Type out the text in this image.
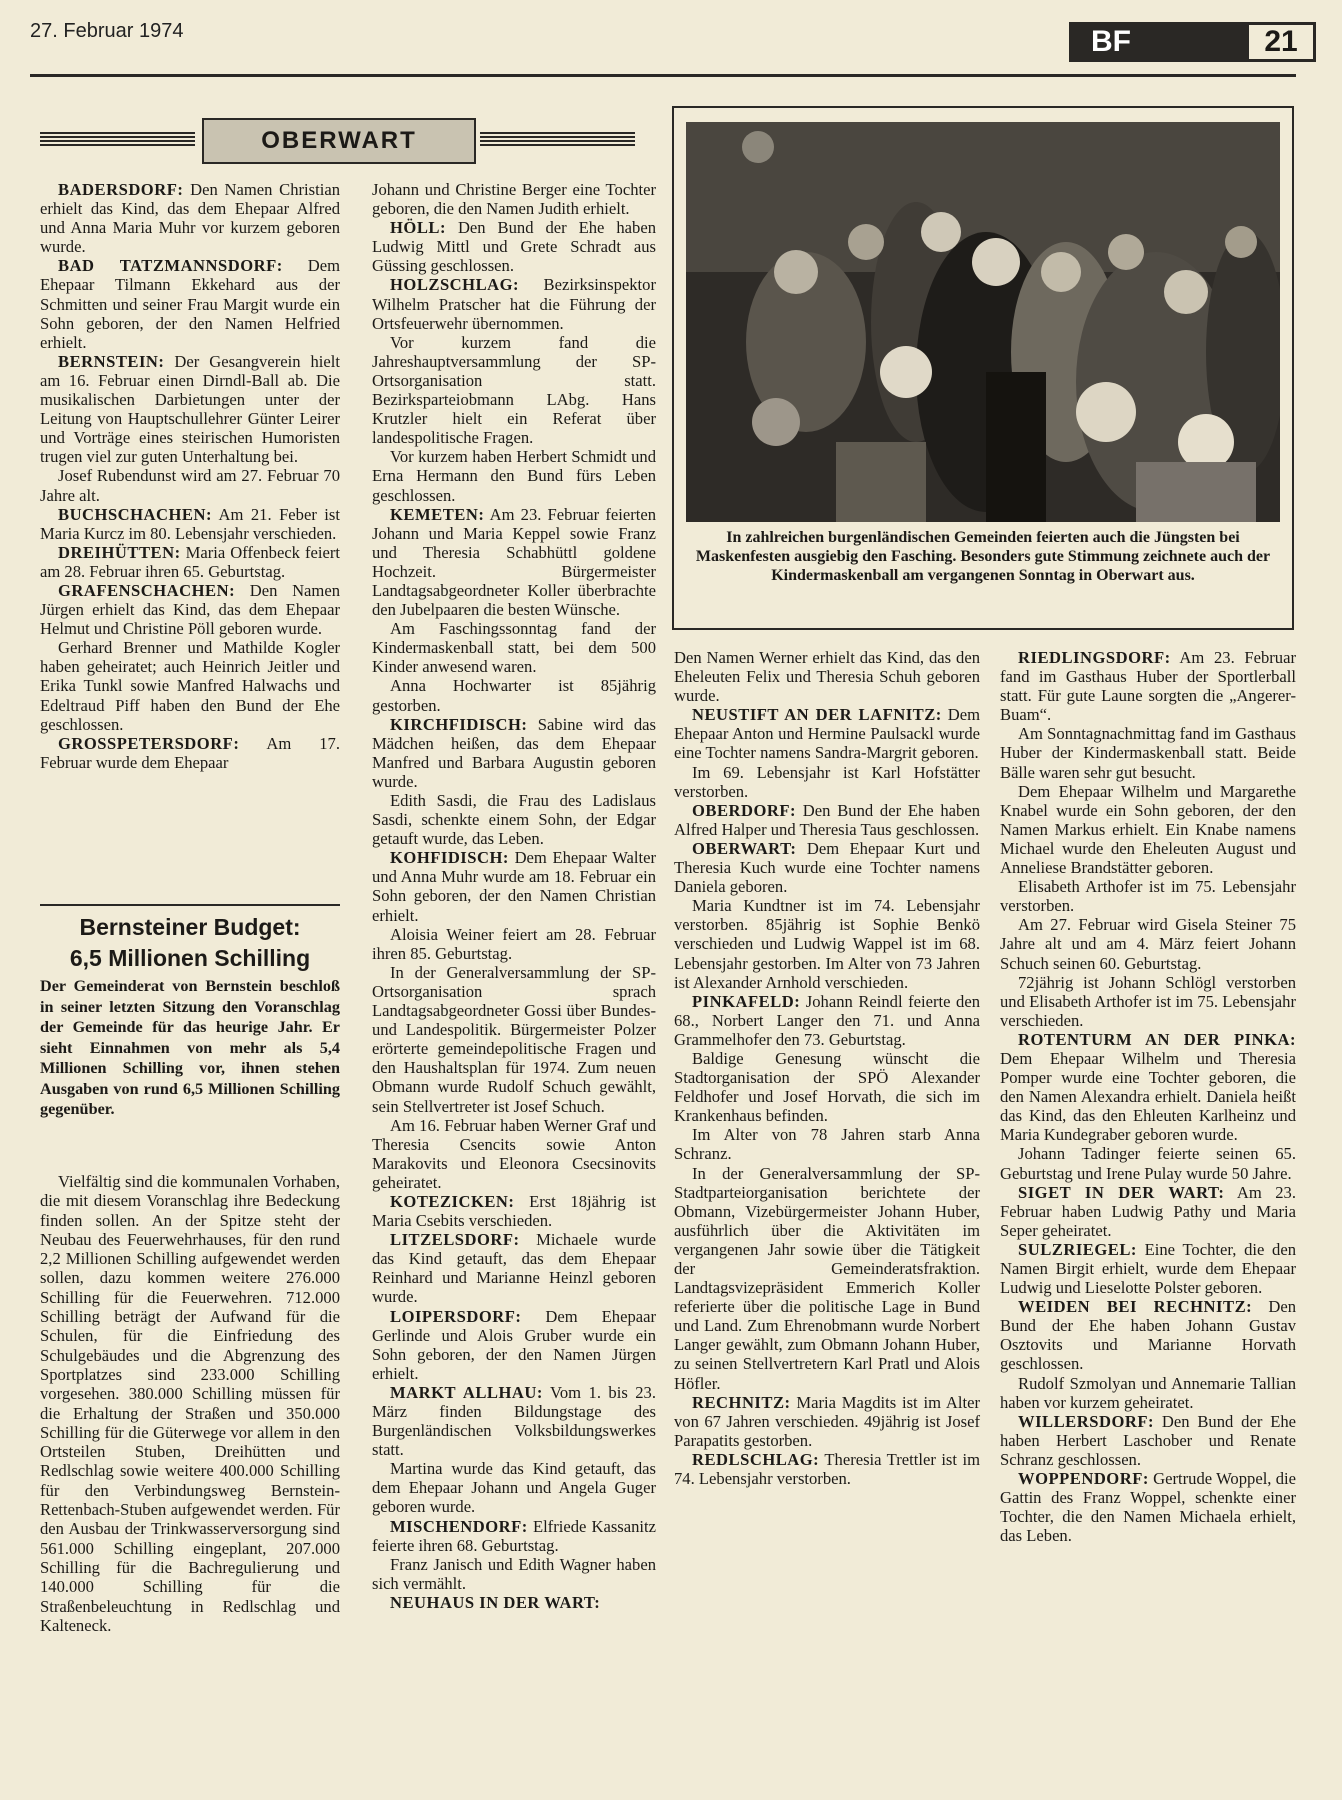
27. Februar 1974	BF	21
OBERWART

BADERSDORF: Den Namen Christian erhielt das Kind, das dem Ehepaar Alfred und Anna Maria Muhr vor kurzem geboren wurde.

BAD TATZMANNSDORF: Dem Ehepaar Tilmann Ekkehard aus der Schmitten und seiner Frau Margit wurde ein Sohn geboren, der den Namen Helfried erhielt.

BERNSTEIN: Der Gesangverein hielt am 16. Februar einen Dirndl-Ball ab. Die musikalischen Darbietungen unter der Leitung von Hauptschullehrer Günter Leirer und Vorträge eines steirischen Humoristen trugen viel zur guten Unterhaltung bei.

Josef Rubendunst wird am 27. Februar 70 Jahre alt.

BUCHSCHACHEN: Am 21. Feber ist Maria Kurcz im 80. Lebensjahr verschieden.

DREIHÜTTEN: Maria Offenbeck feiert am 28. Februar ihren 65. Geburtstag.

GRAFENSCHACHEN: Den Namen Jürgen erhielt das Kind, das dem Ehepaar Helmut und Christine Pöll geboren wurde.

Gerhard Brenner und Mathilde Kogler haben geheiratet; auch Heinrich Jeitler und Erika Tunkl sowie Manfred Halwachs und Edeltraud Piff haben den Bund der Ehe geschlossen.

GROSSPETERSDORF: Am 17. Februar wurde dem Ehepaar

Johann und Christine Berger eine Tochter geboren, die den Namen Judith erhielt.

HÖLL: Den Bund der Ehe haben Ludwig Mittl und Grete Schradt aus Güssing geschlossen.

HOLZSCHLAG: Bezirksinspektor Wilhelm Pratscher hat die Führung der Ortsfeuerwehr übernommen.

Vor kurzem fand die Jahreshauptversammlung der SP-Ortsorganisation statt. Bezirksparteiobmann LAbg. Hans Krutzler hielt ein Referat über landespolitische Fragen.

Vor kurzem haben Herbert Schmidt und Erna Hermann den Bund fürs Leben geschlossen.

KEMETEN: Am 23. Februar feierten Johann und Maria Keppel sowie Franz und Theresia Schabhüttl goldene Hochzeit. Bürgermeister Landtagsabgeordneter Koller überbrachte den Jubelpaaren die besten Wünsche.

Am Faschingssonntag fand der Kindermaskenball statt, bei dem 500 Kinder anwesend waren.

Anna Hochwarter ist 85jährig gestorben.

KIRCHFIDISCH: Sabine wird das Mädchen heißen, das dem Ehepaar Manfred und Barbara Augustin geboren wurde.

Edith Sasdi, die Frau des Ladislaus Sasdi, schenkte einem Sohn, der Edgar getauft wurde, das Leben.

KOHFIDISCH: Dem Ehepaar Walter und Anna Muhr wurde am 18. Februar ein Sohn geboren, der den Namen Christian erhielt.

Aloisia Weiner feiert am 28. Februar ihren 85. Geburtstag.

In der Generalversammlung der SP-Ortsorganisation sprach Landtagsabgeordneter Gossi über Bundes- und Landespolitik. Bürgermeister Polzer erörterte gemeindepolitische Fragen und den Haushaltsplan für 1974. Zum neuen Obmann wurde Rudolf Schuch gewählt, sein Stellvertreter ist Josef Schuch.

Am 16. Februar haben Werner Graf und Theresia Csencits sowie Anton Marakovits und Eleonora Csecsinovits geheiratet.

KOTEZICKEN: Erst 18jährig ist Maria Csebits verschieden.

LITZELSDORF: Michaele wurde das Kind getauft, das dem Ehepaar Reinhard und Marianne Heinzl geboren wurde.

LOIPERSDORF: Dem Ehepaar Gerlinde und Alois Gruber wurde ein Sohn geboren, der den Namen Jürgen erhielt.

MARKT ALLHAU: Vom 1. bis 23. März finden Bildungstage des Burgenländischen Volksbildungswerkes statt.

Martina wurde das Kind getauft, das dem Ehepaar Johann und Angela Guger geboren wurde.

MISCHENDORF: Elfriede Kassanitz feierte ihren 68. Geburtstag.

Franz Janisch und Edith Wagner haben sich vermählt.

NEUHAUS IN DER WART:

Den Namen Werner erhielt das Kind, das den Eheleuten Felix und Theresia Schuh geboren wurde.

NEUSTIFT AN DER LAFNITZ: Dem Ehepaar Anton und Hermine Paulsackl wurde eine Tochter namens Sandra-Margrit geboren.

Im 69. Lebensjahr ist Karl Hofstätter verstorben.

OBERDORF: Den Bund der Ehe haben Alfred Halper und Theresia Taus geschlossen.

OBERWART: Dem Ehepaar Kurt und Theresia Kuch wurde eine Tochter namens Daniela geboren.

Maria Kundtner ist im 74. Lebensjahr verstorben. 85jährig ist Sophie Benkö verschieden und Ludwig Wappel ist im 68. Lebensjahr gestorben. Im Alter von 73 Jahren ist Alexander Arnhold verschieden.

PINKAFELD: Johann Reindl feierte den 68., Norbert Langer den 71. und Anna Grammelhofer den 73. Geburtstag.

Baldige Genesung wünscht die Stadtorganisation der SPÖ Alexander Feldhofer und Josef Horvath, die sich im Krankenhaus befinden.

Im Alter von 78 Jahren starb Anna Schranz.

In der Generalversammlung der SP-Stadtparteiorganisation berichtete der Obmann, Vizebürgermeister Johann Huber, ausführlich über die Aktivitäten im vergangenen Jahr sowie über die Tätigkeit der Gemeinderatsfraktion. Landtagsvizepräsident Emmerich Koller referierte über die politische Lage in Bund und Land. Zum Ehrenobmann wurde Norbert Langer gewählt, zum Obmann Johann Huber, zu seinen Stellvertretern Karl Pratl und Alois Höfler.

RECHNITZ: Maria Magdits ist im Alter von 67 Jahren verschieden. 49jährig ist Josef Parapatits gestorben.

REDLSCHLAG: Theresia Trettler ist im 74. Lebensjahr verstorben.

RIEDLINGSDORF: Am 23. Februar fand im Gasthaus Huber der Sportlerball statt. Für gute Laune sorgten die „Angerer-Buam“.

Am Sonntagnachmittag fand im Gasthaus Huber der Kindermaskenball statt. Beide Bälle waren sehr gut besucht.

Dem Ehepaar Wilhelm und Margarethe Knabel wurde ein Sohn geboren, der den Namen Markus erhielt. Ein Knabe namens Michael wurde den Eheleuten August und Anneliese Brandstätter geboren.

Elisabeth Arthofer ist im 75. Lebensjahr verstorben.

Am 27. Februar wird Gisela Steiner 75 Jahre alt und am 4. März feiert Johann Schuch seinen 60. Geburtstag.

72jährig ist Johann Schlögl verstorben und Elisabeth Arthofer ist im 75. Lebensjahr verschieden.

ROTENTURM AN DER PINKA: Dem Ehepaar Wilhelm und Theresia Pomper wurde eine Tochter geboren, die den Namen Alexandra erhielt. Daniela heißt das Kind, das den Ehleuten Karlheinz und Maria Kundegraber geboren wurde.

Johann Tadinger feierte seinen 65. Geburtstag und Irene Pulay wurde 50 Jahre.

SIGET IN DER WART: Am 23. Februar haben Ludwig Pathy und Maria Seper geheiratet.

SULZRIEGEL: Eine Tochter, die den Namen Birgit erhielt, wurde dem Ehepaar Ludwig und Lieselotte Polster geboren.

WEIDEN BEI RECHNITZ: Den Bund der Ehe haben Johann Gustav Osztovits und Marianne Horvath geschlossen.

Rudolf Szmolyan und Annemarie Tallian haben vor kurzem geheiratet.

WILLERSDORF: Den Bund der Ehe haben Herbert Laschober und Renate Schranz geschlossen.

WOPPENDORF: Gertrude Woppel, die Gattin des Franz Woppel, schenkte einer Tochter, die den Namen Michaela erhielt, das Leben.

In zahlreichen burgenländischen Gemeinden feierten auch die Jüngsten bei Maskenfesten ausgiebig den Fasching. Besonders gute Stimmung zeichnete auch der Kindermaskenball am vergangenen Sonntag in Oberwart aus.
Bernsteiner Budget:
6,5 Millionen Schilling
Der Gemeinderat von Bernstein beschloß in seiner letzten Sitzung den Voranschlag der Gemeinde für das heurige Jahr. Er sieht Einnahmen von mehr als 5,4 Millionen Schilling vor, ihnen stehen Ausgaben von rund 6,5 Millionen Schilling gegenüber.

Vielfältig sind die kommunalen Vorhaben, die mit diesem Voranschlag ihre Bedeckung finden sollen. An der Spitze steht der Neubau des Feuerwehrhauses, für den rund 2,2 Millionen Schilling aufgewendet werden sollen, dazu kommen weitere 276.000 Schilling für die Feuerwehren. 712.000 Schilling beträgt der Aufwand für die Schulen, für die Einfriedung des Schulgebäudes und die Abgrenzung des Sportplatzes sind 233.000 Schilling vorgesehen. 380.000 Schilling müssen für die Erhaltung der Straßen und 350.000 Schilling für die Güterwege vor allem in den Ortsteilen Stuben, Dreihütten und Redlschlag sowie weitere 400.000 Schilling für den Verbindungsweg Bernstein-Rettenbach-Stuben aufgewendet werden. Für den Ausbau der Trinkwasserversorgung sind 561.000 Schilling eingeplant, 207.000 Schilling für die Bachregulierung und 140.000 Schilling für die Straßenbeleuchtung in Redlschlag und Kalteneck.
